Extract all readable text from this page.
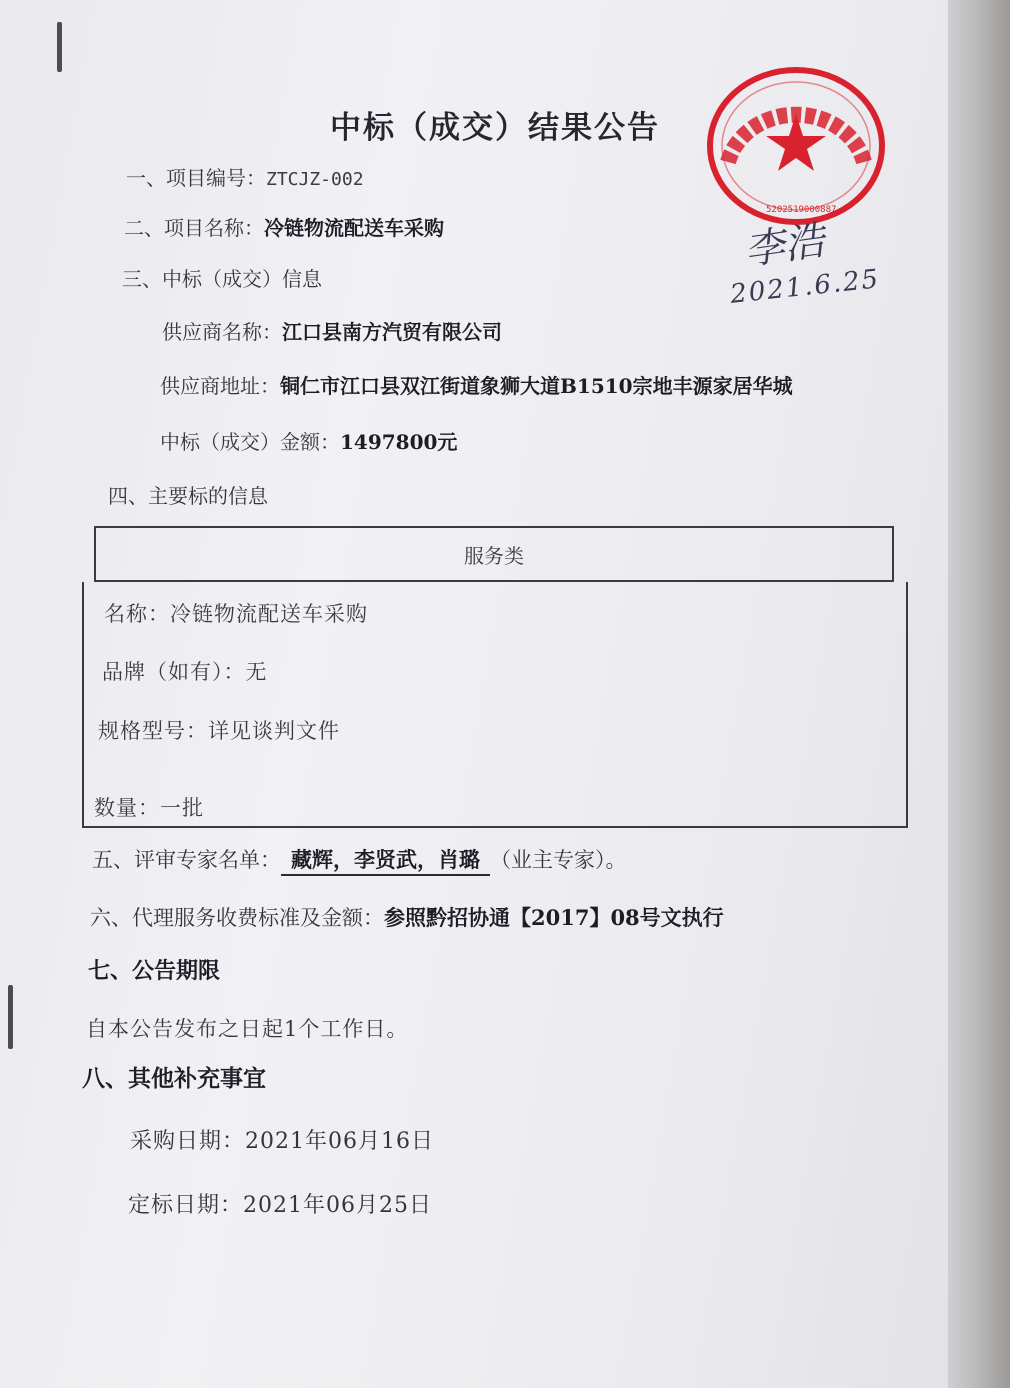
中标（成交）结果公告
5202519000887
李浩
2021.6.25
一、项目编号：ZTCJZ-002
二、项目名称：冷链物流配送车采购
三、中标（成交）信息
供应商名称：江口县南方汽贸有限公司
供应商地址：铜仁市江口县双江街道象狮大道B1510宗地丰源家居华城
中标（成交）金额：1497800元
四、主要标的信息
服务类
名称：冷链物流配送车采购
品牌（如有）：无
规格型号：详见谈判文件
数量：一批
五、评审专家名单： 藏辉，李贤武，肖璐 （业主专家）。
六、代理服务收费标准及金额：参照黔招协通【2017】08号文执行
七、公告期限
自本公告发布之日起1个工作日。
八、其他补充事宜
采购日期：2021年06月16日
定标日期：2021年06月25日
